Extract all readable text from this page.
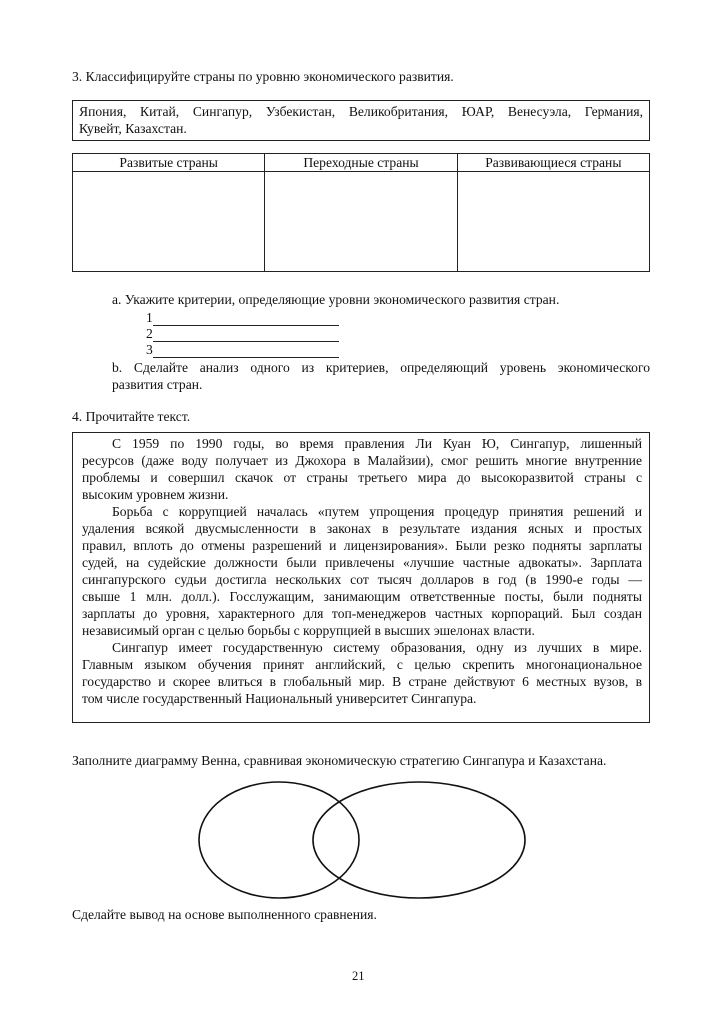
3. Классифицируйте страны по уровню экономического развития.
Япония, Китай, Сингапур, Узбекистан, Великобритания, ЮАР, Венесуэла, Германия,
Кувейт, Казахстан.
Развитые страны	Переходные страны	Развивающиеся страны

a. Укажите критерии, определяющие уровни экономического развития стран.
1
2
3
b. Сделайте анализ одного из критериев, определяющий уровень экономического
развития стран.
4. Прочитайте текст.
С 1959 по 1990 годы, во время правления Ли Куан Ю, Сингапур, лишенный
ресурсов (даже воду получает из Джохора в Малайзии), смог решить многие внутренние
проблемы и совершил скачок от страны третьего мира до высокоразвитой страны с
высоким уровнем жизни.
Борьба с коррупцией началась «путем упрощения процедур принятия решений и
удаления всякой двусмысленности в законах в результате издания ясных и простых
правил, вплоть до отмены разрешений и лицензирования». Были резко подняты зарплаты
судей, на судейские должности были привлечены «лучшие частные адвокаты». Зарплата
сингапурского судьи достигла нескольких сот тысяч долларов в год (в 1990-е годы —
свыше 1 млн. долл.). Госслужащим, занимающим ответственные посты, были подняты
зарплаты до уровня, характерного для топ-менеджеров частных корпораций. Был создан
независимый орган с целью борьбы с коррупцией в высших эшелонах власти.
Сингапур имеет государственную систему образования, одну из лучших в мире.
Главным языком обучения принят английский, с целью скрепить многонациональное
государство и скорее влиться в глобальный мир. В стране действуют 6 местных вузов, в
том числе государственный Национальный университет Сингапура.
Заполните диаграмму Венна, сравнивая экономическую стратегию Сингапура и Казахстана.
Сделайте вывод на основе выполненного сравнения.
21
